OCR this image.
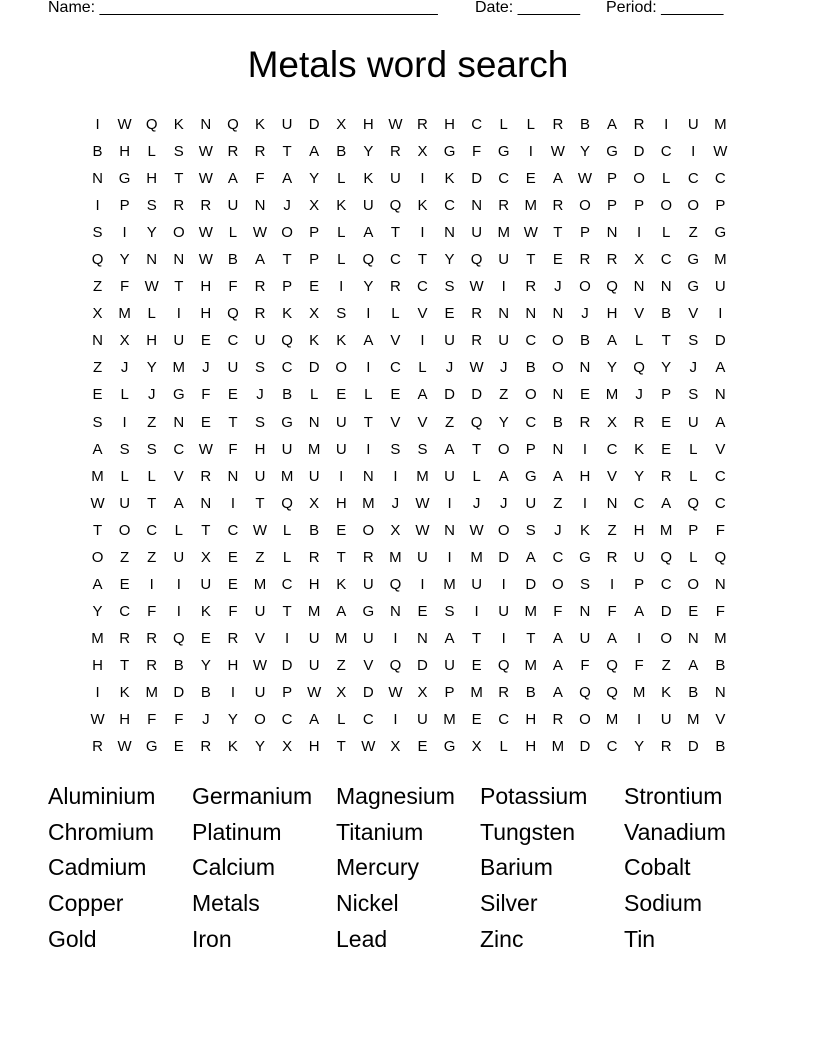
Name: ______________________________________

Date: _______

Period: _______

Metals word search
I	W Q	K	N	Q	K	U	D	X	H W R	H	C	L	L	R	B	A	R	I	U	M
B	H	L	S W R	R	T	A	B	Y	R	X	G	F	G	I	W Y	G	D	C	I	W
N	G	H	T	W A	F	A	Y	L	K	U	I	K	D	C	E	A W P	O	L	C	C
I	P	S	R	R	U	N	J	X	K	U	Q	K	C	N	R	M	R	O	P	P	O	O	P
S	I	Y	O W	L	W O	P	L	A	T	I	N	U	M W	T	P	N	I	L	Z	G
Q	Y	N	N W B	A	T	P	L	Q	C	T	Y	Q	U	T	E	R	R	X	C	G M
Z	F	W	T	H	F	R	P	E	I	Y	R	C	S W	I	R	J	O	Q	N	N	G	U
X	M	L	I	H	Q	R	K	X	S	I	L	V	E	R	N	N	N	J	H	V	B	V	I
N	X	H	U	E	C	U	Q	K	K	A	V	I	U	R	U	C	O	B	A	L	T	S	D
Z	J	Y	M	J	U	S	C	D	O	I	C	L	J	W	J	B	O	N	Y	Q	Y	J	A
E	L	J	G	F	E	J	B	L	E	L	E	A	D	D	Z	O	N	E	M	J	P	S	N
S	I	Z	N	E	T	S	G	N	U	T	V	V	Z	Q	Y	C	B	R	X	R	E	U	A
A	S	S	C W	F	H	U	M	U	I	S	S	A	T	O	P	N	I	C	K	E	L	V
M	L	L	V	R	N	U	M	U	I	N	I	M	U	L	A	G	A	H	V	Y	R	L	C
W U	T	A	N	I	T	Q	X	H	M	J	W	I	J	J	U	Z	I	N	C	A	Q	C
T	O	C	L	T	C W	L	B	E	O	X W N W O	S	J	K	Z	H	M	P	F
O	Z	Z	U	X	E	Z	L	R	T	R	M	U	I	M	D	A	C	G	R	U	Q	L	Q
A	E	I	I	U	E	M	C	H	K	U	Q	I	M	U	I	D	O	S	I	P	C	O	N
Y	C	F	I	K	F	U	T	M	A	G	N	E	S	I	U	M	F	N	F	A	D	E	F
M	R	R	Q	E	R	V	I	U	M	U	I	N	A	T	I	T	A	U	A	I	O	N	M
H	T	R	B	Y	H W D	U	Z	V	Q	D	U	E	Q M	A	F	Q	F	Z	A	B
I	K	M	D	B	I	U	P W X	D W X	P	M	R	B	A	Q	Q M	K	B	N
W H	F	F	J	Y	O	C	A	L	C	I	U	M	E	C	H	R	O M	I	U	M	V
R W G	E	R	K	Y	X	H	T	W X	E	G	X	L	H	M	D	C	Y	R	D	B
Aluminium	Germanium	Magnesium	Potassium	Strontium
Chromium	Platinum	Titanium	Tungsten	Vanadium
Cadmium	Calcium	Mercury	Barium	Cobalt
Copper	Metals	Nickel	Silver	Sodium
Gold	Iron	Lead	Zinc	Tin
